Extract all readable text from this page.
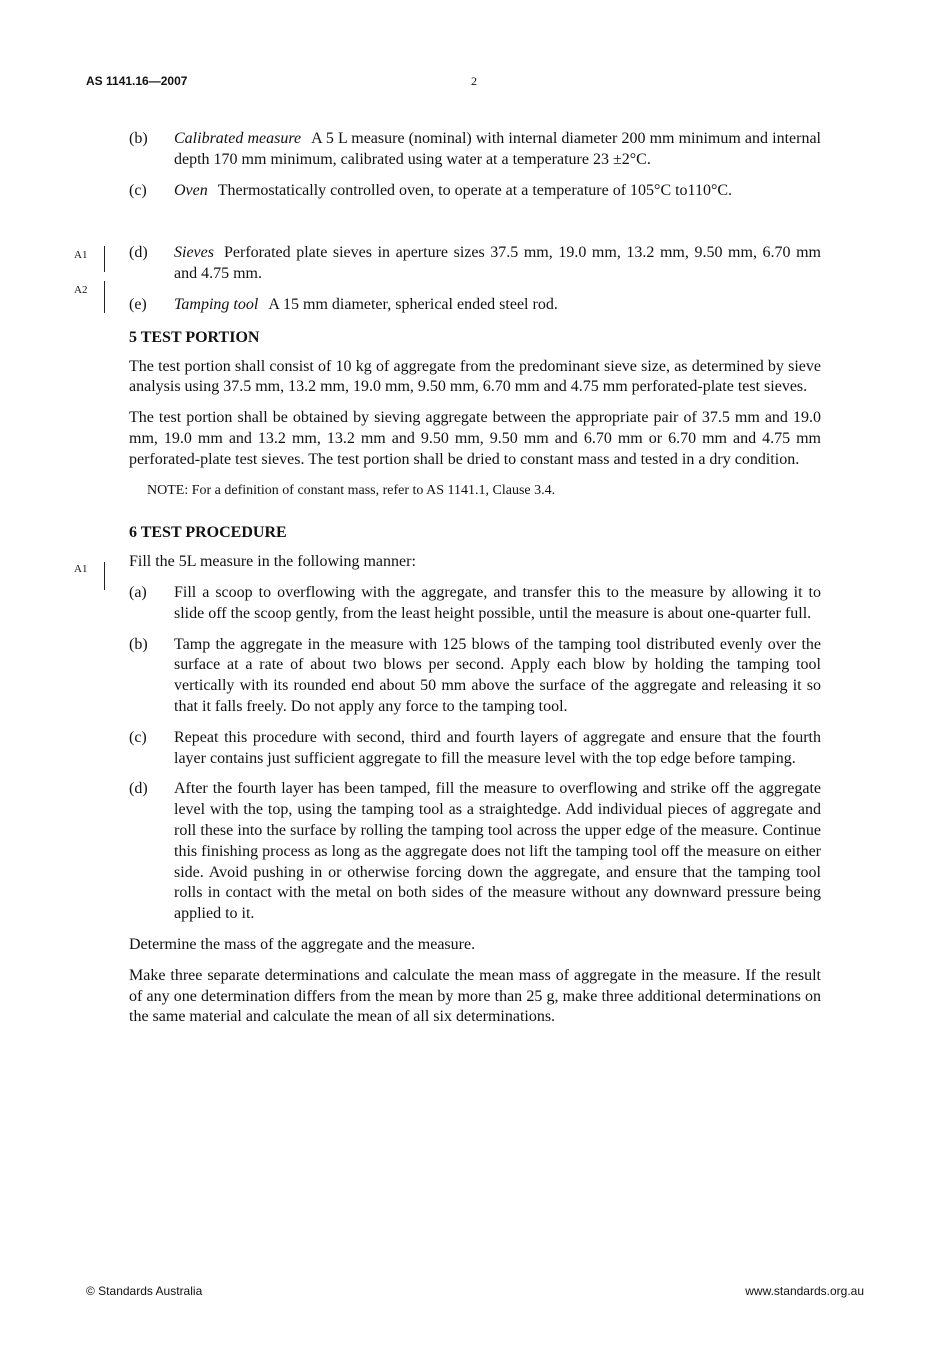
AS 1141.16—2007	2
A1
A2
A1
(b)	Calibrated measure A 5 L measure (nominal) with internal diameter 200 mm minimum and internal depth 170 mm minimum, calibrated using water at a temperature 23 ±2°C.
(c)	Oven Thermostatically controlled oven, to operate at a temperature of 105°C to110°C.
(d)	Sieves Perforated plate sieves in aperture sizes 37.5 mm, 19.0 mm, 13.2 mm, 9.50 mm, 6.70 mm and 4.75 mm.
(e)	Tamping tool A 15 mm diameter, spherical ended steel rod.
5 TEST PORTION
The test portion shall consist of 10 kg of aggregate from the predominant sieve size, as determined by sieve analysis using 37.5 mm, 13.2 mm, 19.0 mm, 9.50 mm, 6.70 mm and 4.75 mm perforated-plate test sieves.
The test portion shall be obtained by sieving aggregate between the appropriate pair of 37.5 mm and 19.0 mm, 19.0 mm and 13.2 mm, 13.2 mm and 9.50 mm, 9.50 mm and 6.70 mm or 6.70 mm and 4.75 mm perforated-plate test sieves. The test portion shall be dried to constant mass and tested in a dry condition.
NOTE: For a definition of constant mass, refer to AS 1141.1, Clause 3.4.
6 TEST PROCEDURE
Fill the 5L measure in the following manner:
(a)	Fill a scoop to overflowing with the aggregate, and transfer this to the measure by allowing it to slide off the scoop gently, from the least height possible, until the measure is about one-quarter full.
(b)	Tamp the aggregate in the measure with 125 blows of the tamping tool distributed evenly over the surface at a rate of about two blows per second. Apply each blow by holding the tamping tool vertically with its rounded end about 50 mm above the surface of the aggregate and releasing it so that it falls freely. Do not apply any force to the tamping tool.
(c)	Repeat this procedure with second, third and fourth layers of aggregate and ensure that the fourth layer contains just sufficient aggregate to fill the measure level with the top edge before tamping.
(d)	After the fourth layer has been tamped, fill the measure to overflowing and strike off the aggregate level with the top, using the tamping tool as a straightedge. Add individual pieces of aggregate and roll these into the surface by rolling the tamping tool across the upper edge of the measure. Continue this finishing process as long as the aggregate does not lift the tamping tool off the measure on either side. Avoid pushing in or otherwise forcing down the aggregate, and ensure that the tamping tool rolls in contact with the metal on both sides of the measure without any downward pressure being applied to it.
Determine the mass of the aggregate and the measure.
Make three separate determinations and calculate the mean mass of aggregate in the measure. If the result of any one determination differs from the mean by more than 25 g, make three additional determinations on the same material and calculate the mean of all six determinations.
© Standards Australia	www.standards.org.au
